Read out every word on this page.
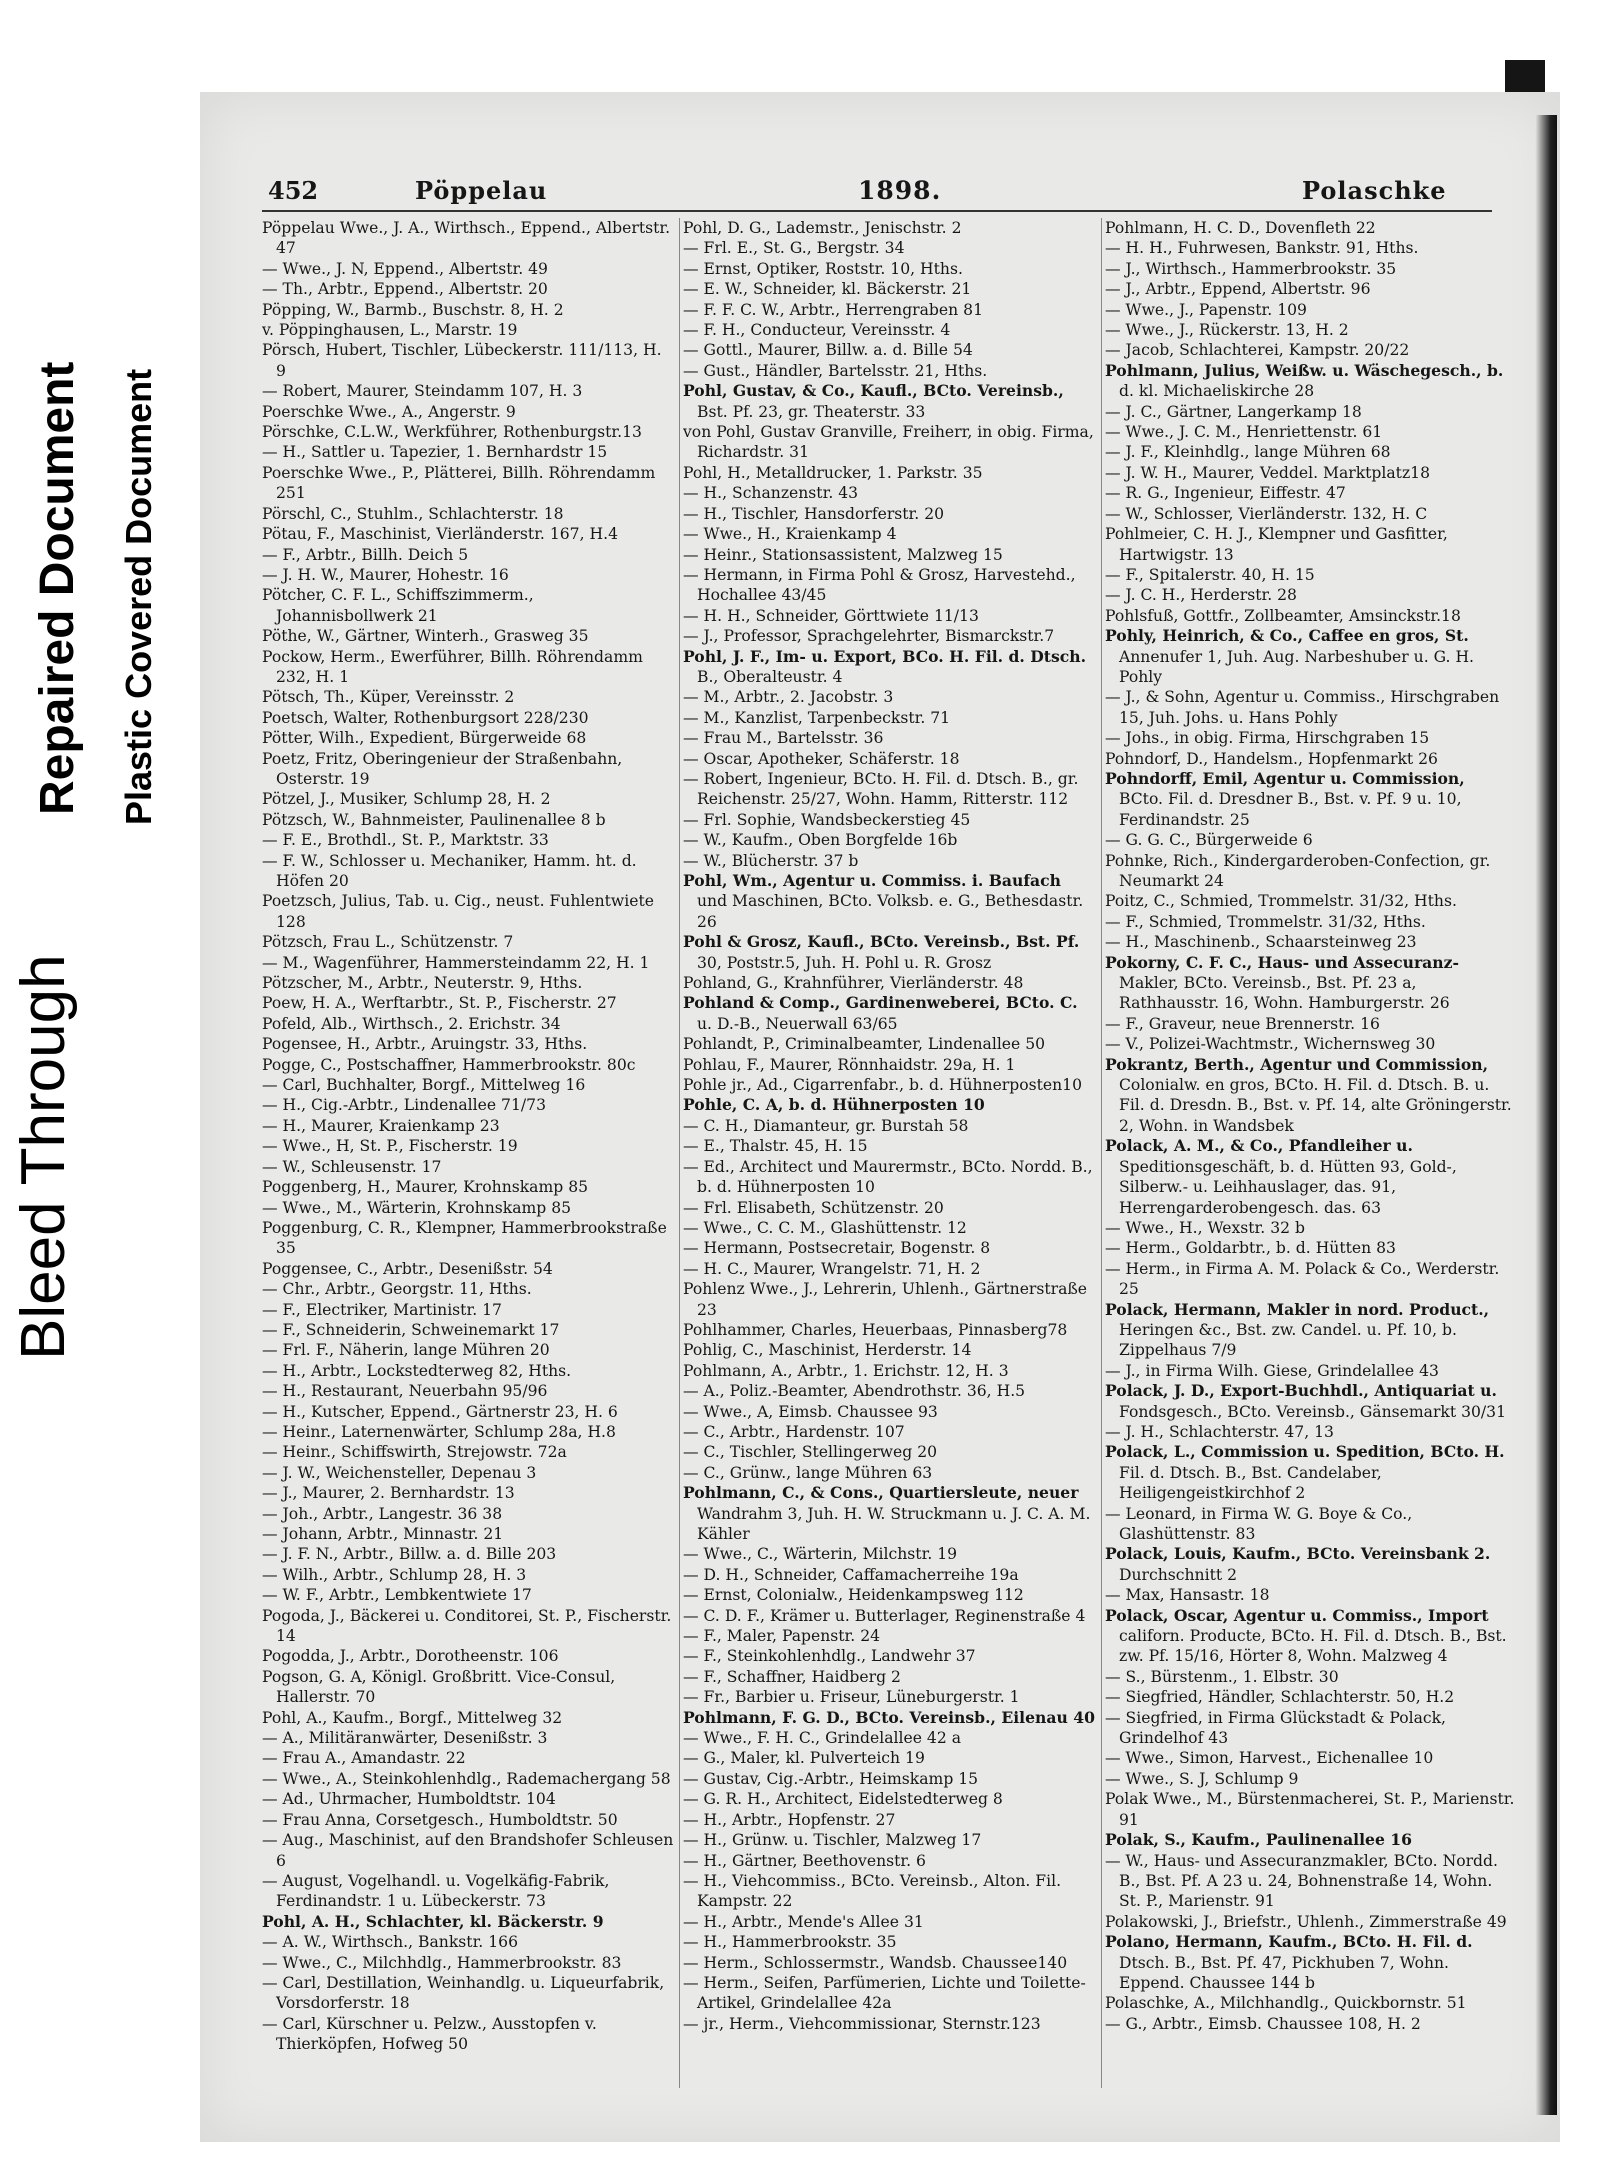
Bleed Through
Repaired Document Plastic Covered Document
452	Pöppelau	1898.	Polaschke

Pöppelau Wwe., J. A., Wirthsch., Eppend., Albertstr. 47

— Wwe., J. N, Eppend., Albertstr. 49

— Th., Arbtr., Eppend., Albertstr. 20

Pöpping, W., Barmb., Buschstr. 8, H. 2

v. Pöppinghausen, L., Marstr. 19

Pörsch, Hubert, Tischler, Lübeckerstr. 111/113, H. 9

— Robert, Maurer, Steindamm 107, H. 3

Poerschke Wwe., A., Angerstr. 9

Pörschke, C.L.W., Werkführer, Rothenburgstr.13

— H., Sattler u. Tapezier, 1. Bernhardstr 15

Poerschke Wwe., P., Plätterei, Billh. Röhrendamm 251

Pörschl, C., Stuhlm., Schlachterstr. 18

Pötau, F., Maschinist, Vierländerstr. 167, H.4

— F., Arbtr., Billh. Deich 5

— J. H. W., Maurer, Hohestr. 16

Pötcher, C. F. L., Schiffszimmerm., Johannisbollwerk 21

Pöthe, W., Gärtner, Winterh., Grasweg 35

Pockow, Herm., Ewerführer, Billh. Röhrendamm 232, H. 1

Pötsch, Th., Küper, Vereinsstr. 2

Poetsch, Walter, Rothenburgsort 228/230

Pötter, Wilh., Expedient, Bürgerweide 68

Poetz, Fritz, Oberingenieur der Straßenbahn, Osterstr. 19

Pötzel, J., Musiker, Schlump 28, H. 2

Pötzsch, W., Bahnmeister, Paulinenallee 8 b

— F. E., Brothdl., St. P., Marktstr. 33

— F. W., Schlosser u. Mechaniker, Hamm. ht. d. Höfen 20

Poetzsch, Julius, Tab. u. Cig., neust. Fuhlentwiete 128

Pötzsch, Frau L., Schützenstr. 7

— M., Wagenführer, Hammersteindamm 22, H. 1

Pötzscher, M., Arbtr., Neuterstr. 9, Hths.

Poew, H. A., Werftarbtr., St. P., Fischerstr. 27

Pofeld, Alb., Wirthsch., 2. Erichstr. 34

Pogensee, H., Arbtr., Aruingstr. 33, Hths.

Pogge, C., Postschaffner, Hammerbrookstr. 80c

— Carl, Buchhalter, Borgf., Mittelweg 16

— H., Cig.-Arbtr., Lindenallee 71/73

— H., Maurer, Kraienkamp 23

— Wwe., H, St. P., Fischerstr. 19

— W., Schleusenstr. 17

Poggenberg, H., Maurer, Krohnskamp 85

— Wwe., M., Wärterin, Krohnskamp 85

Poggenburg, C. R., Klempner, Hammerbrookstraße 35

Poggensee, C., Arbtr., Desenißstr. 54

— Chr., Arbtr., Georgstr. 11, Hths.

— F., Electriker, Martinistr. 17

— F., Schneiderin, Schweinemarkt 17

— Frl. F., Näherin, lange Mühren 20

— H., Arbtr., Lockstedterweg 82, Hths.

— H., Restaurant, Neuerbahn 95/96

— H., Kutscher, Eppend., Gärtnerstr 23, H. 6

— Heinr., Laternenwärter, Schlump 28a, H.8

— Heinr., Schiffswirth, Strejowstr. 72a

— J. W., Weichensteller, Depenau 3

— J., Maurer, 2. Bernhardstr. 13

— Joh., Arbtr., Langestr. 36 38

— Johann, Arbtr., Minnastr. 21

— J. F. N., Arbtr., Billw. a. d. Bille 203

— Wilh., Arbtr., Schlump 28, H. 3

— W. F., Arbtr., Lembkentwiete 17

Pogoda, J., Bäckerei u. Conditorei, St. P., Fischerstr. 14

Pogodda, J., Arbtr., Dorotheenstr. 106

Pogson, G. A, Königl. Großbritt. Vice-Consul, Hallerstr. 70

Pohl, A., Kaufm., Borgf., Mittelweg 32

— A., Militäranwärter, Desenißstr. 3

— Frau A., Amandastr. 22

— Wwe., A., Steinkohlenhdlg., Rademachergang 58

— Ad., Uhrmacher, Humboldtstr. 104

— Frau Anna, Corsetgesch., Humboldtstr. 50

— Aug., Maschinist, auf den Brandshofer Schleusen 6

— August, Vogelhandl. u. Vogelkäfig-Fabrik, Ferdinandstr. 1 u. Lübeckerstr. 73

Pohl, A. H., Schlachter, kl. Bäckerstr. 9

— A. W., Wirthsch., Bankstr. 166

— Wwe., C., Milchhdlg., Hammerbrookstr. 83

— Carl, Destillation, Weinhandlg. u. Liqueurfabrik, Vorsdorferstr. 18

— Carl, Kürschner u. Pelzw., Ausstopfen v. Thierköpfen, Hofweg 50

Pohl, D. G., Lademstr., Jenischstr. 2

— Frl. E., St. G., Bergstr. 34

— Ernst, Optiker, Roststr. 10, Hths.

— E. W., Schneider, kl. Bäckerstr. 21

— F. F. C. W., Arbtr., Herrengraben 81

— F. H., Conducteur, Vereinsstr. 4

— Gottl., Maurer, Billw. a. d. Bille 54

— Gust., Händler, Bartelsstr. 21, Hths.

Pohl, Gustav, & Co., Kaufl., BCto. Vereinsb., Bst. Pf. 23, gr. Theaterstr. 33

von Pohl, Gustav Granville, Freiherr, in obig. Firma, Richardstr. 31

Pohl, H., Metalldrucker, 1. Parkstr. 35

— H., Schanzenstr. 43

— H., Tischler, Hansdorferstr. 20

— Wwe., H., Kraienkamp 4

— Heinr., Stationsassistent, Malzweg 15

— Hermann, in Firma Pohl & Grosz, Harvestehd., Hochallee 43/45

— H. H., Schneider, Görttwiete 11/13

— J., Professor, Sprachgelehrter, Bismarckstr.7

Pohl, J. F., Im- u. Export, BCo. H. Fil. d. Dtsch. B., Oberalteustr. 4

— M., Arbtr., 2. Jacobstr. 3

— M., Kanzlist, Tarpenbeckstr. 71

— Frau M., Bartelsstr. 36

— Oscar, Apotheker, Schäferstr. 18

— Robert, Ingenieur, BCto. H. Fil. d. Dtsch. B., gr. Reichenstr. 25/27, Wohn. Hamm, Ritterstr. 112

— Frl. Sophie, Wandsbeckerstieg 45

— W., Kaufm., Oben Borgfelde 16b

— W., Blücherstr. 37 b

Pohl, Wm., Agentur u. Commiss. i. Baufach und Maschinen, BCto. Volksb. e. G., Bethesdastr. 26

Pohl & Grosz, Kaufl., BCto. Vereinsb., Bst. Pf. 30, Poststr.5, Juh. H. Pohl u. R. Grosz

Pohland, G., Krahnführer, Vierländerstr. 48

Pohland & Comp., Gardinenweberei, BCto. C. u. D.-B., Neuerwall 63/65

Pohlandt, P., Criminalbeamter, Lindenallee 50

Pohlau, F., Maurer, Rönnhaidstr. 29a, H. 1

Pohle jr., Ad., Cigarrenfabr., b. d. Hühnerposten10

Pohle, C. A, b. d. Hühnerposten 10

— C. H., Diamanteur, gr. Burstah 58

— E., Thalstr. 45, H. 15

— Ed., Architect und Maurermstr., BCto. Nordd. B., b. d. Hühnerposten 10

— Frl. Elisabeth, Schützenstr. 20

— Wwe., C. C. M., Glashüttenstr. 12

— Hermann, Postsecretair, Bogenstr. 8

— H. C., Maurer, Wrangelstr. 71, H. 2

Pohlenz Wwe., J., Lehrerin, Uhlenh., Gärtnerstraße 23

Pohlhammer, Charles, Heuerbaas, Pinnasberg78

Pohlig, C., Maschinist, Herderstr. 14

Pohlmann, A., Arbtr., 1. Erichstr. 12, H. 3

— A., Poliz.-Beamter, Abendrothstr. 36, H.5

— Wwe., A, Eimsb. Chaussee 93

— C., Arbtr., Hardenstr. 107

— C., Tischler, Stellingerweg 20

— C., Grünw., lange Mühren 63

Pohlmann, C., & Cons., Quartiersleute, neuer Wandrahm 3, Juh. H. W. Struckmann u. J. C. A. M. Kähler

— Wwe., C., Wärterin, Milchstr. 19

— D. H., Schneider, Caffamacherreihe 19a

— Ernst, Colonialw., Heidenkampsweg 112

— C. D. F., Krämer u. Butterlager, Reginenstraße 4

— F., Maler, Papenstr. 24

— F., Steinkohlenhdlg., Landwehr 37

— F., Schaffner, Haidberg 2

— Fr., Barbier u. Friseur, Lüneburgerstr. 1

Pohlmann, F. G. D., BCto. Vereinsb., Eilenau 40

— Wwe., F. H. C., Grindelallee 42 a

— G., Maler, kl. Pulverteich 19

— Gustav, Cig.-Arbtr., Heimskamp 15

— G. R. H., Architect, Eidelstedterweg 8

— H., Arbtr., Hopfenstr. 27

— H., Grünw. u. Tischler, Malzweg 17

— H., Gärtner, Beethovenstr. 6

— H., Viehcommiss., BCto. Vereinsb., Alton. Fil. Kampstr. 22

— H., Arbtr., Mende's Allee 31

— H., Hammerbrookstr. 35

— Herm., Schlossermstr., Wandsb. Chaussee140

— Herm., Seifen, Parfümerien, Lichte und Toilette-Artikel, Grindelallee 42a

— jr., Herm., Viehcommissionar, Sternstr.123

Pohlmann, H. C. D., Dovenfleth 22

— H. H., Fuhrwesen, Bankstr. 91, Hths.

— J., Wirthsch., Hammerbrookstr. 35

— J., Arbtr., Eppend, Albertstr. 96

— Wwe., J., Papenstr. 109

— Wwe., J., Rückerstr. 13, H. 2

— Jacob, Schlachterei, Kampstr. 20/22

Pohlmann, Julius, Weißw. u. Wäschegesch., b. d. kl. Michaeliskirche 28

— J. C., Gärtner, Langerkamp 18

— Wwe., J. C. M., Henriettenstr. 61

— J. F., Kleinhdlg., lange Mühren 68

— J. W. H., Maurer, Veddel. Marktplatz18

— R. G., Ingenieur, Eiffestr. 47

— W., Schlosser, Vierländerstr. 132, H. C

Pohlmeier, C. H. J., Klempner und Gasfitter, Hartwigstr. 13

— F., Spitalerstr. 40, H. 15

— J. C. H., Herderstr. 28

Pohlsfuß, Gottfr., Zollbeamter, Amsinckstr.18

Pohly, Heinrich, & Co., Caffee en gros, St. Annenufer 1, Juh. Aug. Narbeshuber u. G. H. Pohly

— J., & Sohn, Agentur u. Commiss., Hirschgraben 15, Juh. Johs. u. Hans Pohly

— Johs., in obig. Firma, Hirschgraben 15

Pohndorf, D., Handelsm., Hopfenmarkt 26

Pohndorff, Emil, Agentur u. Commission, BCto. Fil. d. Dresdner B., Bst. v. Pf. 9 u. 10, Ferdinandstr. 25

— G. G. C., Bürgerweide 6

Pohnke, Rich., Kindergarderoben-Confection, gr. Neumarkt 24

Poitz, C., Schmied, Trommelstr. 31/32, Hths.

— F., Schmied, Trommelstr. 31/32, Hths.

— H., Maschinenb., Schaarsteinweg 23

Pokorny, C. F. C., Haus- und Assecuranz-Makler, BCto. Vereinsb., Bst. Pf. 23 a, Rathhausstr. 16, Wohn. Hamburgerstr. 26

— F., Graveur, neue Brennerstr. 16

— V., Polizei-Wachtmstr., Wichernsweg 30

Pokrantz, Berth., Agentur und Commission, Colonialw. en gros, BCto. H. Fil. d. Dtsch. B. u. Fil. d. Dresdn. B., Bst. v. Pf. 14, alte Gröningerstr. 2, Wohn. in Wandsbek

Polack, A. M., & Co., Pfandleiher u. Speditionsgeschäft, b. d. Hütten 93, Gold-, Silberw.- u. Leihhauslager, das. 91, Herrengarderobengesch. das. 63

— Wwe., H., Wexstr. 32 b

— Herm., Goldarbtr., b. d. Hütten 83

— Herm., in Firma A. M. Polack & Co., Werderstr. 25

Polack, Hermann, Makler in nord. Product., Heringen &c., Bst. zw. Candel. u. Pf. 10, b. Zippelhaus 7/9

— J., in Firma Wilh. Giese, Grindelallee 43

Polack, J. D., Export-Buchhdl., Antiquariat u. Fondsgesch., BCto. Vereinsb., Gänsemarkt 30/31

— J. H., Schlachterstr. 47, 13

Polack, L., Commission u. Spedition, BCto. H. Fil. d. Dtsch. B., Bst. Candelaber, Heiligengeistkirchhof 2

— Leonard, in Firma W. G. Boye & Co., Glashüttenstr. 83

Polack, Louis, Kaufm., BCto. Vereinsbank 2. Durchschnitt 2

— Max, Hansastr. 18

Polack, Oscar, Agentur u. Commiss., Import californ. Producte, BCto. H. Fil. d. Dtsch. B., Bst. zw. Pf. 15/16, Hörter 8, Wohn. Malzweg 4

— S., Bürstenm., 1. Elbstr. 30

— Siegfried, Händler, Schlachterstr. 50, H.2

— Siegfried, in Firma Glückstadt & Polack, Grindelhof 43

— Wwe., Simon, Harvest., Eichenallee 10

— Wwe., S. J, Schlump 9

Polak Wwe., M., Bürstenmacherei, St. P., Marienstr. 91

Polak, S., Kaufm., Paulinenallee 16

— W., Haus- und Assecuranzmakler, BCto. Nordd. B., Bst. Pf. A 23 u. 24, Bohnenstraße 14, Wohn. St. P., Marienstr. 91

Polakowski, J., Briefstr., Uhlenh., Zimmerstraße 49

Polano, Hermann, Kaufm., BCto. H. Fil. d. Dtsch. B., Bst. Pf. 47, Pickhuben 7, Wohn. Eppend. Chaussee 144 b

Polaschke, A., Milchhandlg., Quickbornstr. 51

— G., Arbtr., Eimsb. Chaussee 108, H. 2
